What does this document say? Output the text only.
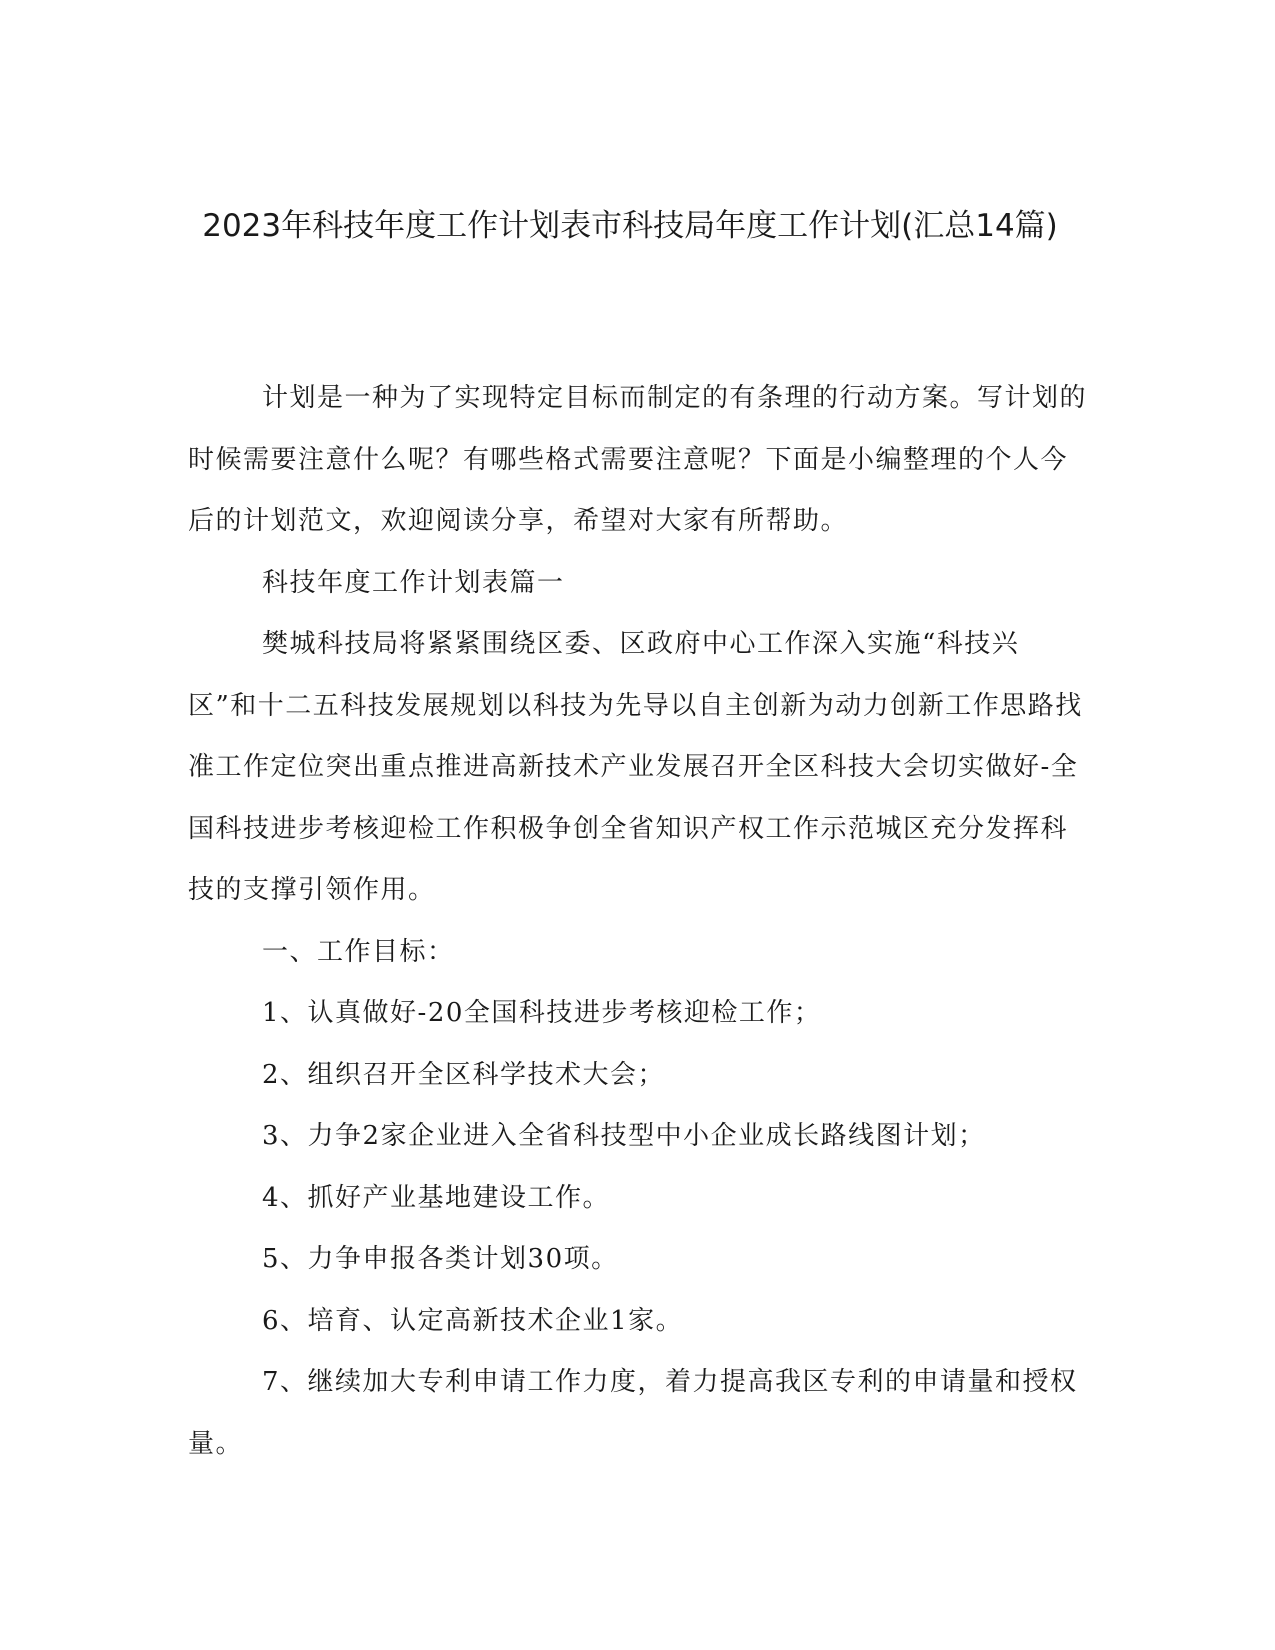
2023年科技年度工作计划表市科技局年度工作计划(汇总14篇)

计划是一种为了实现特定目标而制定的有条理的行动方案。写计划的时候需要注意什么呢？有哪些格式需要注意呢？下面是小编整理的个人今后的计划范文，欢迎阅读分享，希望对大家有所帮助。

科技年度工作计划表篇一

樊城科技局将紧紧围绕区委、区政府中心工作深入实施“科技兴区”和十二五科技发展规划以科技为先导以自主创新为动力创新工作思路找准工作定位突出重点推进高新技术产业发展召开全区科技大会切实做好-全国科技进步考核迎检工作积极争创全省知识产权工作示范城区充分发挥科技的支撑引领作用。

一、工作目标：

1、认真做好-20全国科技进步考核迎检工作；

2、组织召开全区科学技术大会；

3、力争2家企业进入全省科技型中小企业成长路线图计划；

4、抓好产业基地建设工作。

5、力争申报各类计划30项。

6、培育、认定高新技术企业1家。

7、继续加大专利申请工作力度，着力提高我区专利的申请量和授权量。
